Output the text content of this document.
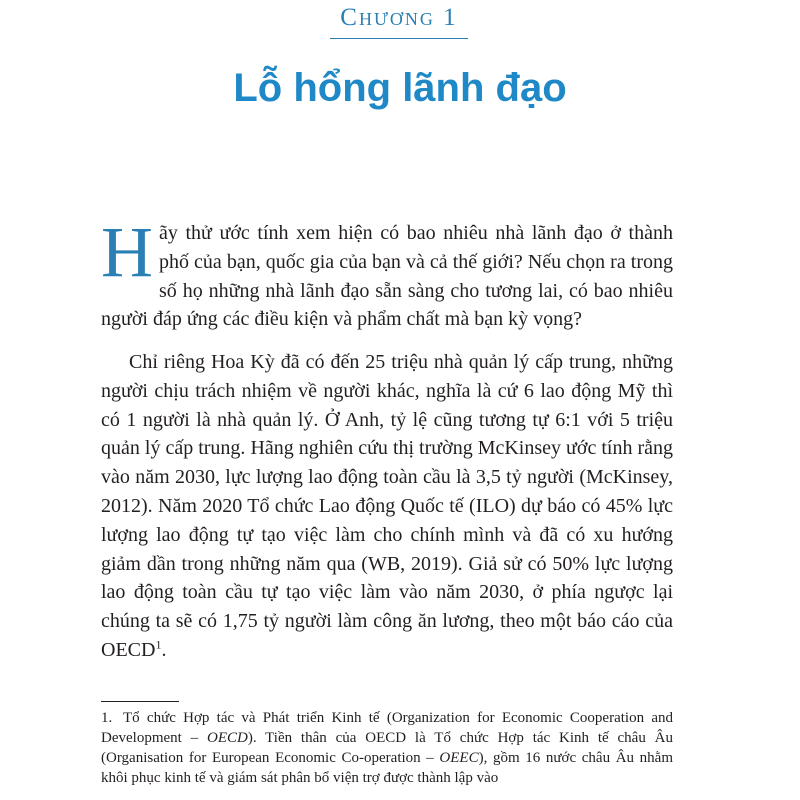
Chương 1
Lỗ hổng lãnh đạo

Hãy thử ước tính xem hiện có bao nhiêu nhà lãnh đạo ở thành phố của bạn, quốc gia của bạn và cả thế giới? Nếu chọn ra trong số họ những nhà lãnh đạo sẵn sàng cho tương lai, có bao nhiêu người đáp ứng các điều kiện và phẩm chất mà bạn kỳ vọng?

Chỉ riêng Hoa Kỳ đã có đến 25 triệu nhà quản lý cấp trung, những người chịu trách nhiệm về người khác, nghĩa là cứ 6 lao động Mỹ thì có 1 người là nhà quản lý. Ở Anh, tỷ lệ cũng tương tự 6:1 với 5 triệu quản lý cấp trung. Hãng nghiên cứu thị trường McKinsey ước tính rằng vào năm 2030, lực lượng lao động toàn cầu là 3,5 tỷ người (McKinsey, 2012). Năm 2020 Tổ chức Lao động Quốc tế (ILO) dự báo có 45% lực lượng lao động tự tạo việc làm cho chính mình và đã có xu hướng giảm dần trong những năm qua (WB, 2019). Giả sử có 50% lực lượng lao động toàn cầu tự tạo việc làm vào năm 2030, ở phía ngược lại chúng ta sẽ có 1,75 tỷ người làm công ăn lương, theo một báo cáo của OECD$^1$.

1. Tổ chức Hợp tác và Phát triển Kinh tế (Organization for Economic Cooperation and Development – OECD). Tiền thân của OECD là Tổ chức Hợp tác Kinh tế châu Âu (Organisation for European Economic Co-operation – OEEC), gồm 16 nước châu Âu nhằm khôi phục kinh tế và giám sát phân bổ viện trợ được thành lập vào
